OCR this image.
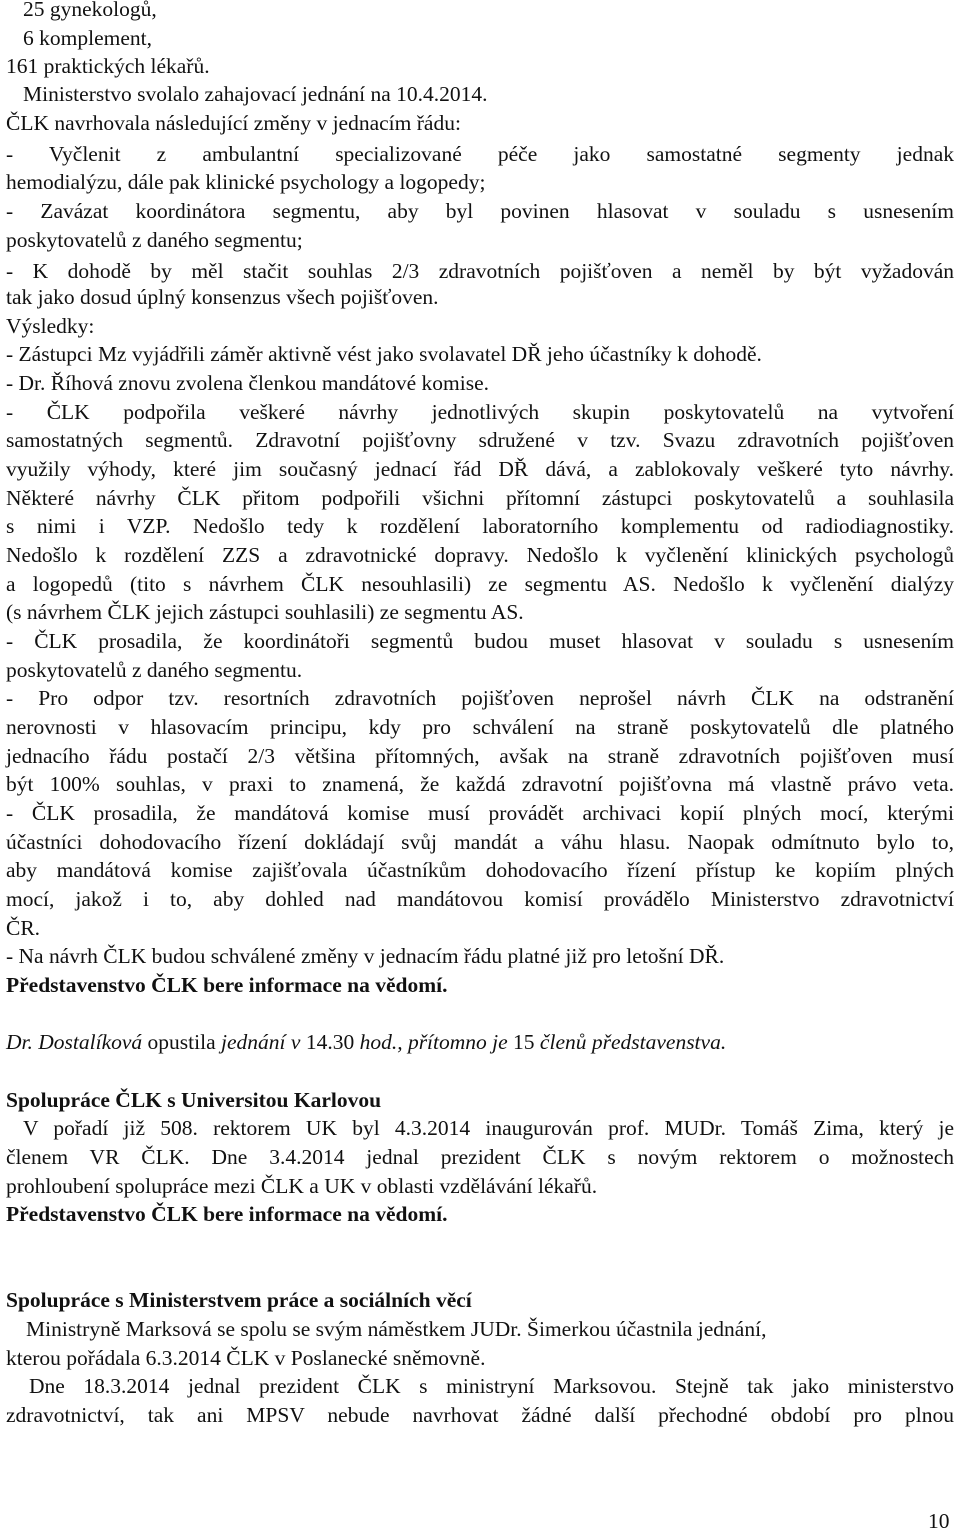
25 gynekologů,
6 komplement,
161 praktických lékařů.
Ministerstvo svolalo zahajovací jednání na 10.4.2014.
ČLK navrhovala následující změny v jednacím řádu:
- Vyčlenit z ambulantní specializované péče jako samostatné segmenty jednak
hemodialýzu, dále pak klinické psychology a logopedy;
- Zavázat koordinátora segmentu, aby byl povinen hlasovat v souladu s usnesením
poskytovatelů z daného segmentu;
- K dohodě by měl stačit souhlas 2/3 zdravotních pojišťoven a neměl by být vyžadován
tak jako dosud úplný konsenzus všech pojišťoven.
Výsledky:
- Zástupci Mz vyjádřili záměr aktivně vést jako svolavatel DŘ jeho účastníky k dohodě.
- Dr. Říhová znovu zvolena členkou mandátové komise.
- ČLK podpořila veškeré návrhy jednotlivých skupin poskytovatelů na vytvoření
samostatných segmentů. Zdravotní pojišťovny sdružené v tzv. Svazu zdravotních pojišťoven
využily výhody, které jim současný jednací řád DŘ dává, a zablokovaly veškeré tyto návrhy.
Některé návrhy ČLK přitom podpořili všichni přítomní zástupci poskytovatelů a souhlasila
s nimi i VZP. Nedošlo tedy k rozdělení laboratorního komplementu od radiodiagnostiky.
Nedošlo k rozdělení ZZS a zdravotnické dopravy. Nedošlo k vyčlenění klinických psychologů
a logopedů (tito s návrhem ČLK nesouhlasili) ze segmentu AS. Nedošlo k vyčlenění dialýzy
(s návrhem ČLK jejich zástupci souhlasili) ze segmentu AS.
- ČLK prosadila, že koordinátoři segmentů budou muset hlasovat v souladu s usnesením
poskytovatelů z daného segmentu.
- Pro odpor tzv. resortních zdravotních pojišťoven neprošel návrh ČLK na odstranění
nerovnosti v hlasovacím principu, kdy pro schválení na straně poskytovatelů dle platného
jednacího řádu postačí 2/3 většina přítomných, avšak na straně zdravotních pojišťoven musí
být 100% souhlas, v praxi to znamená, že každá zdravotní pojišťovna má vlastně právo veta.
- ČLK prosadila, že mandátová komise musí provádět archivaci kopií plných mocí, kterými
účastníci dohodovacího řízení dokládají svůj mandát a váhu hlasu. Naopak odmítnuto bylo to,
aby mandátová komise zajišťovala účastníkům dohodovacího řízení přístup ke kopiím plných
mocí, jakož i to, aby dohled nad mandátovou komisí provádělo Ministerstvo zdravotnictví
ČR.
- Na návrh ČLK budou schválené změny v jednacím řádu platné již pro letošní DŘ.
Představenstvo ČLK bere informace na vědomí.
Dr. Dostalíková opustila jednání v 14.30 hod., přítomno je 15 členů představenstva.
Spolupráce ČLK s Universitou Karlovou
V pořadí již 508. rektorem UK byl 4.3.2014 inaugurován prof. MUDr. Tomáš Zima, který je
členem VR ČLK. Dne 3.4.2014 jednal prezident ČLK s novým rektorem o možnostech
prohloubení spolupráce mezi ČLK a UK v oblasti vzdělávání lékařů.
Představenstvo ČLK bere informace na vědomí.
Spolupráce s Ministerstvem práce a sociálních věcí
Ministryně Marksová se spolu se svým náměstkem JUDr. Šimerkou účastnila jednání,
kterou pořádala 6.3.2014 ČLK v Poslanecké sněmovně.
Dne 18.3.2014 jednal prezident ČLK s ministryní Marksovou. Stejně tak jako ministerstvo
zdravotnictví, tak ani MPSV nebude navrhovat žádné další přechodné období pro plnou
10
